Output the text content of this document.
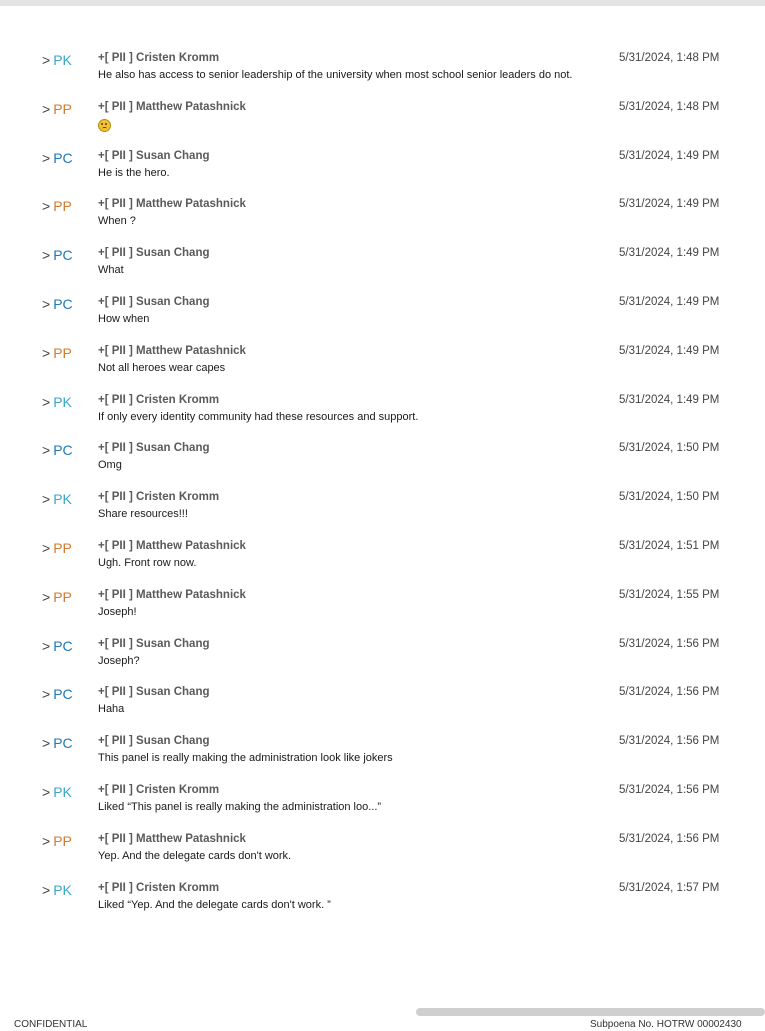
> PK +[ PII ] Cristen Kromm
He also has access to senior leadership of the university when most school senior leaders do not.
5/31/2024, 1:48 PM
> PP +[ PII ] Matthew Patashnick	5/31/2024, 1:48 PM
> PC +[ PII ] Susan Chang
He is the hero.
5/31/2024, 1:49 PM
> PP +[ PII ] Matthew Patashnick
When ?
5/31/2024, 1:49 PM
> PC +[ PII ] Susan Chang
What
5/31/2024, 1:49 PM
> PC +[ PII ] Susan Chang
How when
5/31/2024, 1:49 PM
> PP +[ PII ] Matthew Patashnick
Not all heroes wear capes
5/31/2024, 1:49 PM
> PK +[ PII ] Cristen Kromm
If only every identity community had these resources and support.
5/31/2024, 1:49 PM
> PC +[ PII ] Susan Chang
Omg
5/31/2024, 1:50 PM
> PK +[ PII ] Cristen Kromm
Share resources!!!
5/31/2024, 1:50 PM
> PP +[ PII ] Matthew Patashnick
Ugh. Front row now.
5/31/2024, 1:51 PM
> PP +[ PII ] Matthew Patashnick
Joseph!
5/31/2024, 1:55 PM
> PC +[ PII ] Susan Chang
Joseph?
5/31/2024, 1:56 PM
> PC +[ PII ] Susan Chang
Haha
5/31/2024, 1:56 PM
> PC +[ PII ] Susan Chang
This panel is really making the administration look like jokers
5/31/2024, 1:56 PM
> PK +[ PII ] Cristen Kromm
Liked “This panel is really making the administration loo...”
5/31/2024, 1:56 PM
> PP +[ PII ] Matthew Patashnick
Yep. And the delegate cards don't work.
5/31/2024, 1:56 PM
> PK +[ PII ] Cristen Kromm
Liked “Yep. And the delegate cards don't work. ”
5/31/2024, 1:57 PM
CONFIDENTIAL	Subpoena No. HOTRW 00002430
